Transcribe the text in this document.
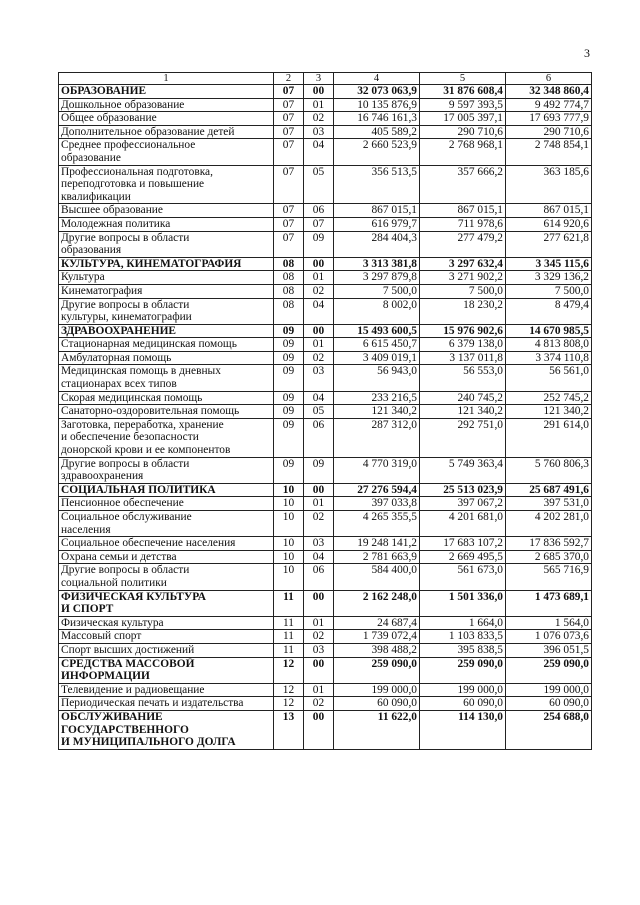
3
1	2	3	4	5	6
ОБРАЗОВАНИЕ	07	00	32 073 063,9	31 876 608,4	32 348 860,4
Дошкольное образование	07	01	10 135 876,9	9 597 393,5	9 492 774,7
Общее образование	07	02	16 746 161,3	17 005 397,1	17 693 777,9
Дополнительное образование детей	07	03	405 589,2	290 710,6	290 710,6
Среднее профессиональное
образование	07	04	2 660 523,9	2 768 968,1	2 748 854,1
Профессиональная подготовка,
переподготовка и повышение
квалификации	07	05	356 513,5	357 666,2	363 185,6
Высшее образование	07	06	867 015,1	867 015,1	867 015,1
Молодежная политика	07	07	616 979,7	711 978,6	614 920,6
Другие вопросы в области
образования	07	09	284 404,3	277 479,2	277 621,8
КУЛЬТУРА, КИНЕМАТОГРАФИЯ	08	00	3 313 381,8	3 297 632,4	3 345 115,6
Культура	08	01	3 297 879,8	3 271 902,2	3 329 136,2
Кинематография	08	02	7 500,0	7 500,0	7 500,0
Другие вопросы в области
культуры, кинематографии	08	04	8 002,0	18 230,2	8 479,4
ЗДРАВООХРАНЕНИЕ	09	00	15 493 600,5	15 976 902,6	14 670 985,5
Стационарная медицинская помощь	09	01	6 615 450,7	6 379 138,0	4 813 808,0
Амбулаторная помощь	09	02	3 409 019,1	3 137 011,8	3 374 110,8
Медицинская помощь в дневных
стационарах всех типов	09	03	56 943,0	56 553,0	56 561,0
Скорая медицинская помощь	09	04	233 216,5	240 745,2	252 745,2
Санаторно-оздоровительная помощь	09	05	121 340,2	121 340,2	121 340,2
Заготовка, переработка, хранение
и обеспечение безопасности
донорской крови и ее компонентов	09	06	287 312,0	292 751,0	291 614,0
Другие вопросы в области
здравоохранения	09	09	4 770 319,0	5 749 363,4	5 760 806,3
СОЦИАЛЬНАЯ ПОЛИТИКА	10	00	27 276 594,4	25 513 023,9	25 687 491,6
Пенсионное обеспечение	10	01	397 033,8	397 067,2	397 531,0
Социальное обслуживание
населения	10	02	4 265 355,5	4 201 681,0	4 202 281,0
Социальное обеспечение населения	10	03	19 248 141,2	17 683 107,2	17 836 592,7
Охрана семьи и детства	10	04	2 781 663,9	2 669 495,5	2 685 370,0
Другие вопросы в области
социальной политики	10	06	584 400,0	561 673,0	565 716,9
ФИЗИЧЕСКАЯ КУЛЬТУРА
И СПОРТ	11	00	2 162 248,0	1 501 336,0	1 473 689,1
Физическая культура	11	01	24 687,4	1 664,0	1 564,0
Массовый спорт	11	02	1 739 072,4	1 103 833,5	1 076 073,6
Спорт высших достижений	11	03	398 488,2	395 838,5	396 051,5
СРЕДСТВА МАССОВОЙ
ИНФОРМАЦИИ	12	00	259 090,0	259 090,0	259 090,0
Телевидение и радиовещание	12	01	199 000,0	199 000,0	199 000,0
Периодическая печать и издательства	12	02	60 090,0	60 090,0	60 090,0
ОБСЛУЖИВАНИЕ
ГОСУДАРСТВЕННОГО
И МУНИЦИПАЛЬНОГО ДОЛГА	13	00	11 622,0	114 130,0	254 688,0
